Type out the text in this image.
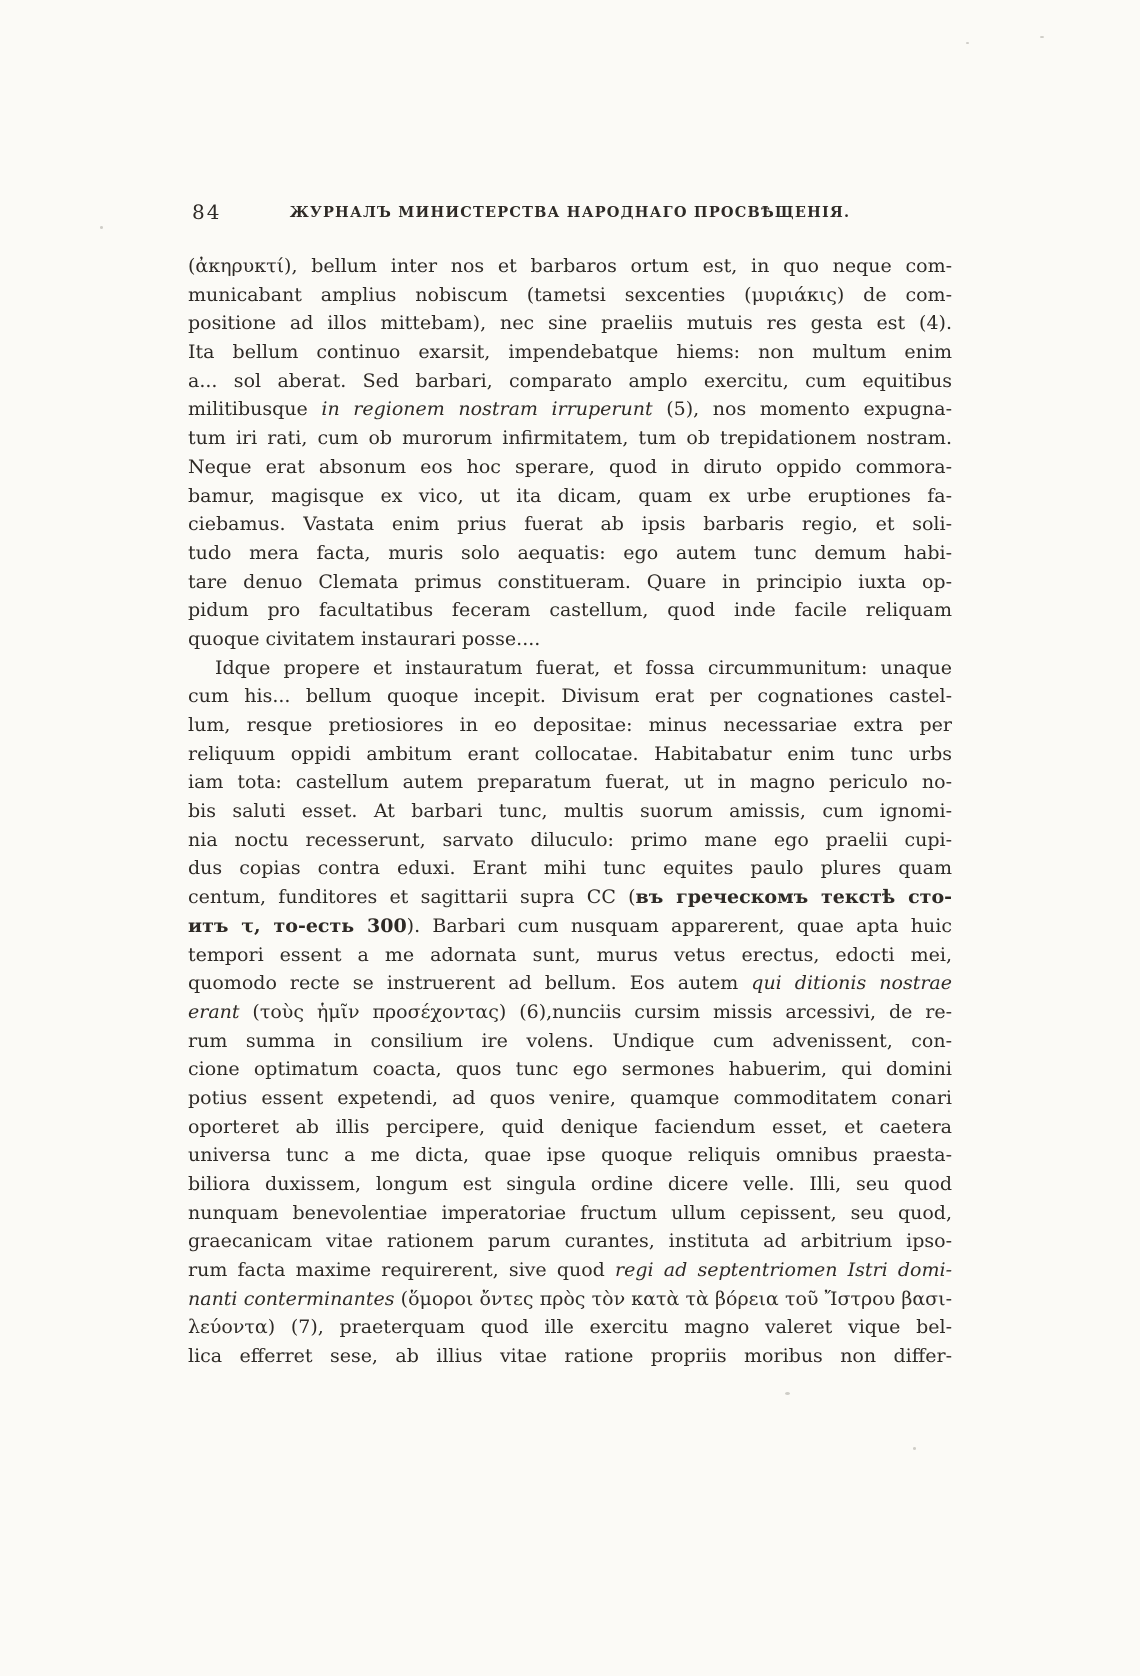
84	ЖУРНАЛЪ МИНИСТЕРСТВА НАРОДНАГО ПРОСВѢЩЕНІЯ.
(ἀκηρυκτί), bellum inter nos et barbaros ortum est, in quo neque com-
municabant amplius nobiscum (tametsi sexcenties (μυριάκις) de com-
positione ad illos mittebam), nec sine praeliis mutuis res gesta est (4).
Ita bellum continuo exarsit, impendebatque hiems: non multum enim
a... sol aberat. Sed barbari, comparato amplo exercitu, cum equitibus
militibusque in regionem nostram irruperunt (5), nos momento expugna-
tum iri rati, cum ob murorum infirmitatem, tum ob trepidationem nostram.
Neque erat absonum eos hoc sperare, quod in diruto oppido commora-
bamur, magisque ex vico, ut ita dicam, quam ex urbe eruptiones fa-
ciebamus. Vastata enim prius fuerat ab ipsis barbaris regio, et soli-
tudo mera facta, muris solo aequatis: ego autem tunc demum habi-
tare denuo Clemata primus constitueram. Quare in principio iuxta op-
pidum pro facultatibus feceram castellum, quod inde facile reliquam
quoque civitatem instaurari posse....
Idque propere et instauratum fuerat, et fossa circummunitum: unaque
cum his... bellum quoque incepit. Divisum erat per cognationes castel-
lum, resque pretiosiores in eo depositae: minus necessariae extra per
reliquum oppidi ambitum erant collocatae. Habitabatur enim tunc urbs
iam tota: castellum autem preparatum fuerat, ut in magno periculo no-
bis saluti esset. At barbari tunc, multis suorum amissis, cum ignomi-
nia noctu recesserunt, sarvato diluculo: primo mane ego praelii cupi-
dus copias contra eduxi. Erant mihi tunc equites paulo plures quam
centum, funditores et sagittarii supra CC (въ греческомъ текстѣ сто-
итъ τ, то-есть 300). Barbari cum nusquam apparerent, quae apta huic
tempori essent a me adornata sunt, murus vetus erectus, edocti mei,
quomodo recte se instruerent ad bellum. Eos autem qui ditionis nostrae
erant (τοὺς ἡμῖν προσέχοντας) (6),nunciis cursim missis arcessivi, de re-
rum summa in consilium ire volens. Undique cum advenissent, con-
cione optimatum coacta, quos tunc ego sermones habuerim, qui domini
potius essent expetendi, ad quos venire, quamque commoditatem conari
oporteret ab illis percipere, quid denique faciendum esset, et caetera
universa tunc a me dicta, quae ipse quoque reliquis omnibus praesta-
biliora duxissem, longum est singula ordine dicere velle. Illi, seu quod
nunquam benevolentiae imperatoriae fructum ullum cepissent, seu quod,
graecanicam vitae rationem parum curantes, instituta ad arbitrium ipso-
rum facta maxime requirerent, sive quod regi ad septentriomen Istri domi-
nanti conterminantes (ὅμοροι ὄντες πρὸς τὸν κατὰ τὰ βόρεια τοῦ Ἴστρου βασι-
λεύοντα) (7), praeterquam quod ille exercitu magno valeret vique bel-
lica efferret sese, ab illius vitae ratione propriis moribus non differ-
